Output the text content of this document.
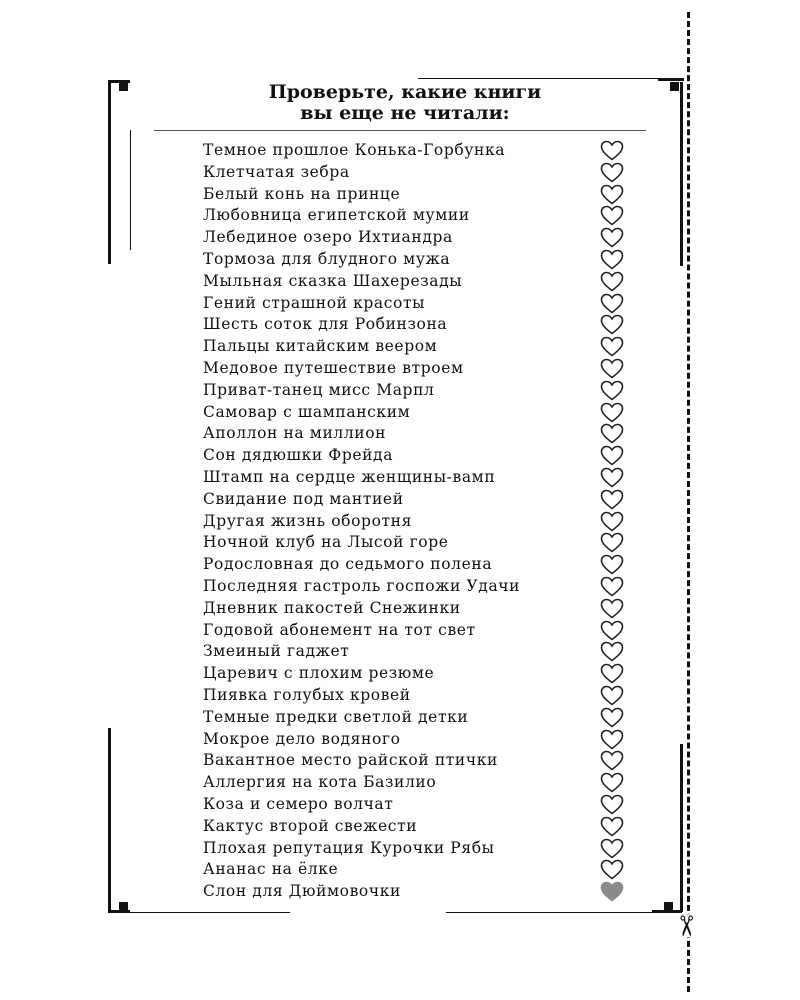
✂
Проверьте, какие книги
вы еще не читали:
Темное прошлое Конька-Горбунка
Клетчатая зебра
Белый конь на принце
Любовница египетской мумии
Лебединое озеро Ихтиандра
Тормоза для блудного мужа
Мыльная сказка Шахерезады
Гений страшной красоты
Шесть соток для Робинзона
Пальцы китайским веером
Медовое путешествие втроем
Приват-танец мисс Марпл
Самовар с шампанским
Аполлон на миллион
Сон дядюшки Фрейда
Штамп на сердце женщины-вамп
Свидание под мантией
Другая жизнь оборотня
Ночной клуб на Лысой горе
Родословная до седьмого полена
Последняя гастроль госпожи Удачи
Дневник пакостей Снежинки
Годовой абонемент на тот свет
Змеиный гаджет
Царевич с плохим резюме
Пиявка голубых кровей
Темные предки светлой детки
Мокрое дело водяного
Вакантное место райской птички
Аллергия на кота Базилио
Коза и семеро волчат
Кактус второй свежести
Плохая репутация Курочки Рябы
Ананас на ёлке
Слон для Дюймовочки
